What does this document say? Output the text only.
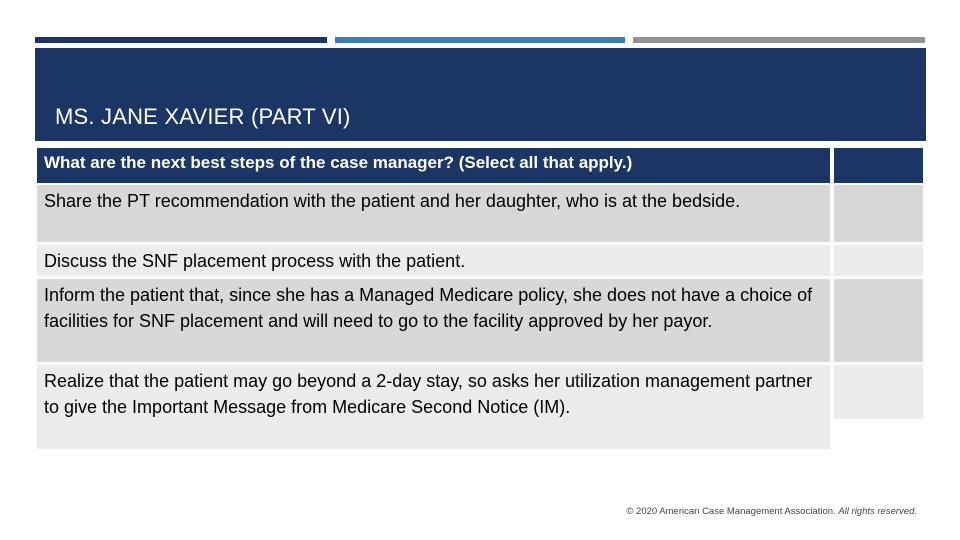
MS. JANE XAVIER (PART VI)
What are the next best steps of the case manager? (Select all that apply.)
Share the PT recommendation with the patient and her daughter, who is at the bedside.
Discuss the SNF placement process with the patient.
Inform the patient that, since she has a Managed Medicare policy, she does not have a choice of facilities for SNF placement and will need to go to the facility approved by her payor.
Realize that the patient may go beyond a 2-day stay, so asks her utilization management partner to give the Important Message from Medicare Second Notice (IM).
© 2020 American Case Management Association. All rights reserved.
